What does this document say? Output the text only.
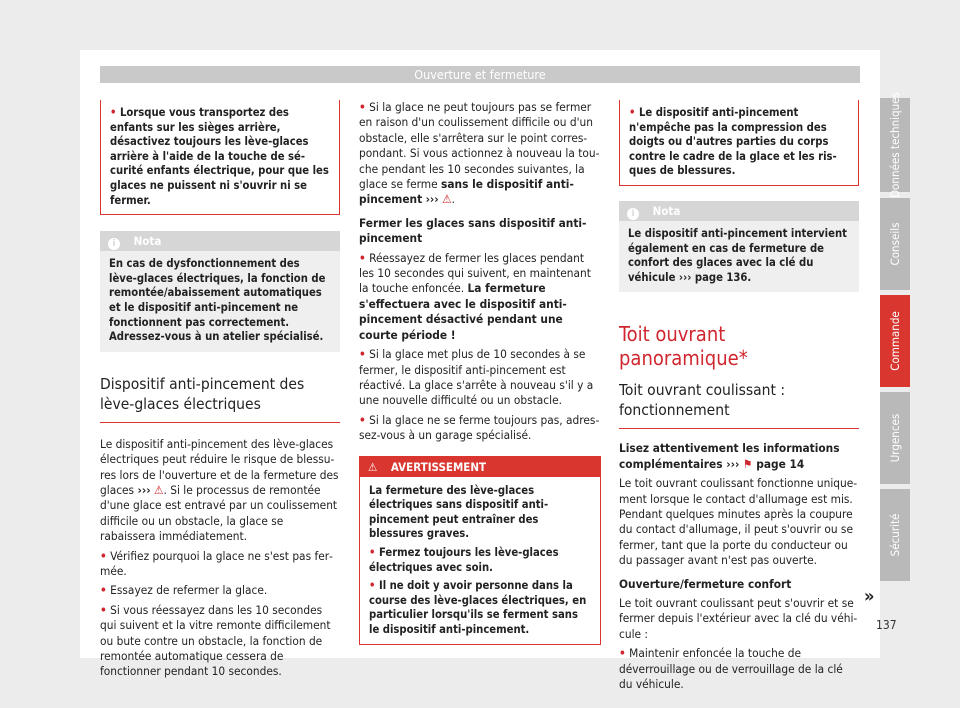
Ouverture et fermeture
• Lorsque vous transportez des enfants sur les sièges arrière, désactivez toujours les lève-glaces arrière à l'aide de la touche de sécurité enfants électrique, pour que les glaces ne puissent ni s'ouvrir ni se fermer.
i Nota
En cas de dysfonctionnement des lève-glaces électriques, la fonction de remontée/abaissement automatiques et le dispositif anti-pincement ne fonctionnent pas correctement. Adressez-vous à un atelier spécialisé.
Dispositif anti-pincement des lève-glaces électriques

Le dispositif anti-pincement des lève-glaces électriques peut réduire le risque de blessures lors de l'ouverture et de la fermeture des glaces ››› ⚠. Si le processus de remontée d'une glace est entravé par un coulissement difficile ou un obstacle, la glace se rabaissera immédiatement.

• Vérifiez pourquoi la glace ne s'est pas fermée.

• Essayez de refermer la glace.

• Si vous réessayez dans les 10 secondes qui suivent et la vitre remonte difficilement ou bute contre un obstacle, la fonction de remontée automatique cessera de fonctionner pendant 10 secondes.

• Si la glace ne peut toujours pas se fermer en raison d'un coulissement difficile ou d'un obstacle, elle s'arrêtera sur le point correspondant. Si vous actionnez à nouveau la touche pendant les 10 secondes suivantes, la glace se ferme sans le dispositif anti-pincement ››› ⚠.

Fermer les glaces sans dispositif anti-pincement

• Réessayez de fermer les glaces pendant les 10 secondes qui suivent, en maintenant la touche enfoncée. La fermeture s'effectuera avec le dispositif anti-pincement désactivé pendant une courte période !

• Si la glace met plus de 10 secondes à se fermer, le dispositif anti-pincement est réactivé. La glace s'arrête à nouveau s'il y a une nouvelle difficulté ou un obstacle.

• Si la glace ne se ferme toujours pas, adressez-vous à un garage spécialisé.

⚠ AVERTISSEMENT

La fermeture des lève-glaces électriques sans dispositif anti-pincement peut entraîner des blessures graves.

• Fermez toujours les lève-glaces électriques avec soin.

• Il ne doit y avoir personne dans la course des lève-glaces électriques, en particulier lorsqu'ils se ferment sans le dispositif anti-pincement.

• Le dispositif anti-pincement n'empêche pas la compression des doigts ou d'autres parties du corps contre le cadre de la glace et les risques de blessures.
i Nota
Le dispositif anti-pincement intervient également en cas de fermeture de confort des glaces avec la clé du véhicule ››› page 136.
Toit ouvrant panoramique*
Toit ouvrant coulissant : fonctionnement

Lisez attentivement les informations complémentaires ››› ⚑ page 14

Le toit ouvrant coulissant fonctionne uniquement lorsque le contact d'allumage est mis. Pendant quelques minutes après la coupure du contact d'allumage, il peut s'ouvrir ou se fermer, tant que la porte du conducteur ou du passager avant n'est pas ouverte.

Ouverture/fermeture confort

Le toit ouvrant coulissant peut s'ouvrir et se fermer depuis l'extérieur avec la clé du véhicule :

• Maintenir enfoncée la touche de déverrouillage ou de verrouillage de la clé du véhicule.

»
Données techniques
Conseils
Commande
Urgences
Sécurité
137
